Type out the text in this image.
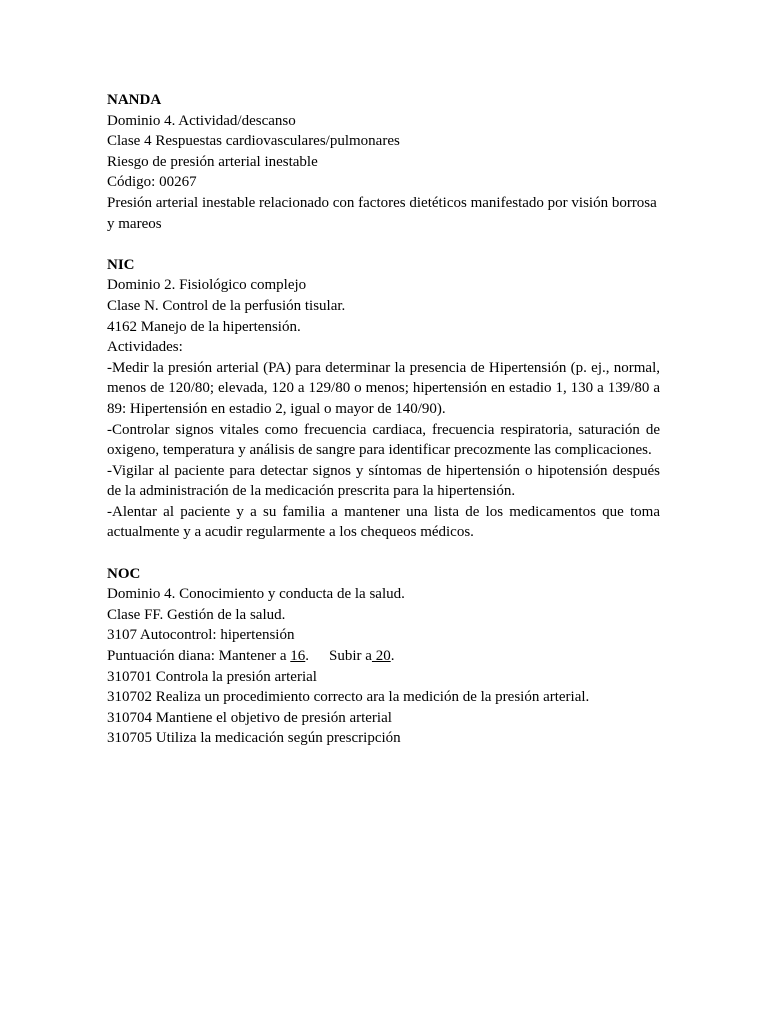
NANDA
Dominio 4. Actividad/descanso
Clase 4 Respuestas cardiovasculares/pulmonares
Riesgo de presión arterial inestable
Código: 00267
Presión arterial inestable relacionado con factores dietéticos manifestado por visión borrosa y mareos
NIC
Dominio 2. Fisiológico complejo
Clase N. Control de la perfusión tisular.
4162 Manejo de la hipertensión.
Actividades:
-Medir la presión arterial (PA) para determinar la presencia de Hipertensión (p. ej., normal, menos de 120/80; elevada, 120 a 129/80 o menos; hipertensión en estadio 1, 130 a 139/80 a 89: Hipertensión en estadio 2, igual o mayor de 140/90).
-Controlar signos vitales como frecuencia cardiaca, frecuencia respiratoria, saturación de oxigeno, temperatura y análisis de sangre para identificar precozmente las complicaciones.
-Vigilar al paciente para detectar signos y síntomas de hipertensión o hipotensión después de la administración de la medicación prescrita para la hipertensión.
-Alentar al paciente y a su familia a mantener una lista de los medicamentos que toma actualmente y a acudir regularmente a los chequeos médicos.
NOC
Dominio 4. Conocimiento y conducta de la salud.
Clase FF. Gestión de la salud.
3107 Autocontrol: hipertensión
Puntuación diana: Mantener a 16. Subir a 20.
310701 Controla la presión arterial
310702 Realiza un procedimiento correcto ara la medición de la presión arterial.
310704 Mantiene el objetivo de presión arterial
310705 Utiliza la medicación según prescripción
